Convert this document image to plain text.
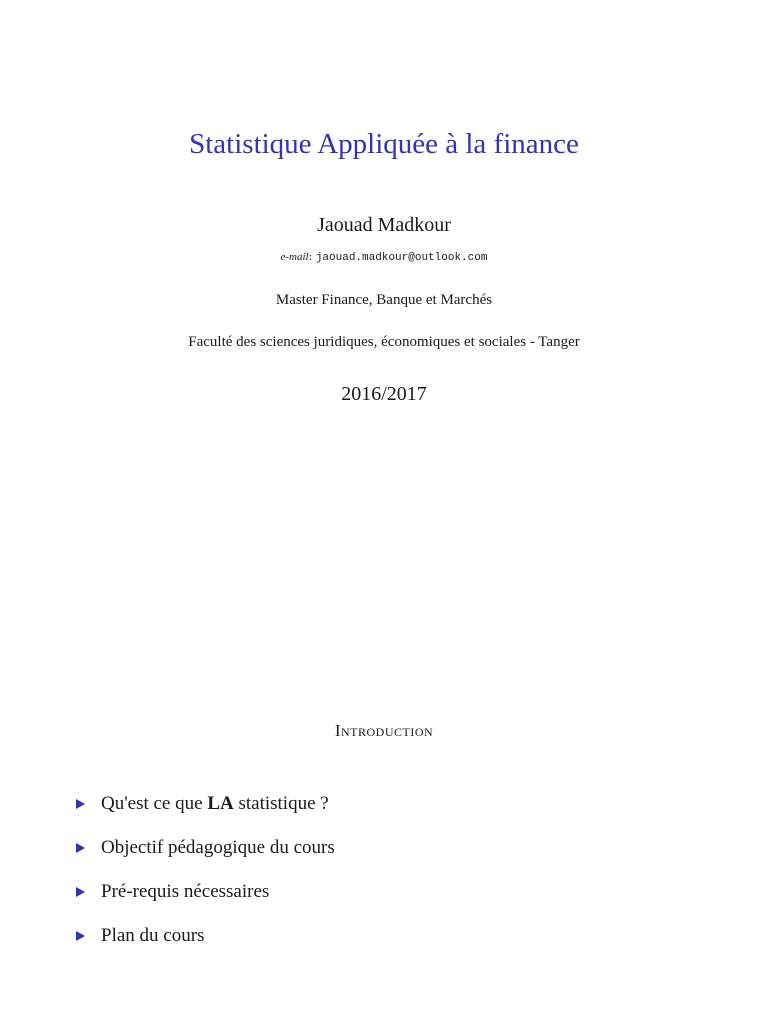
Statistique Appliquée à la finance
Jaouad Madkour
e-mail: jaouad.madkour@outlook.com
Master Finance, Banque et Marchés
Faculté des sciences juridiques, économiques et sociales - Tanger
2016/2017
Introduction
Qu'est ce que LA statistique ?
Objectif pédagogique du cours
Pré-requis nécessaires
Plan du cours
